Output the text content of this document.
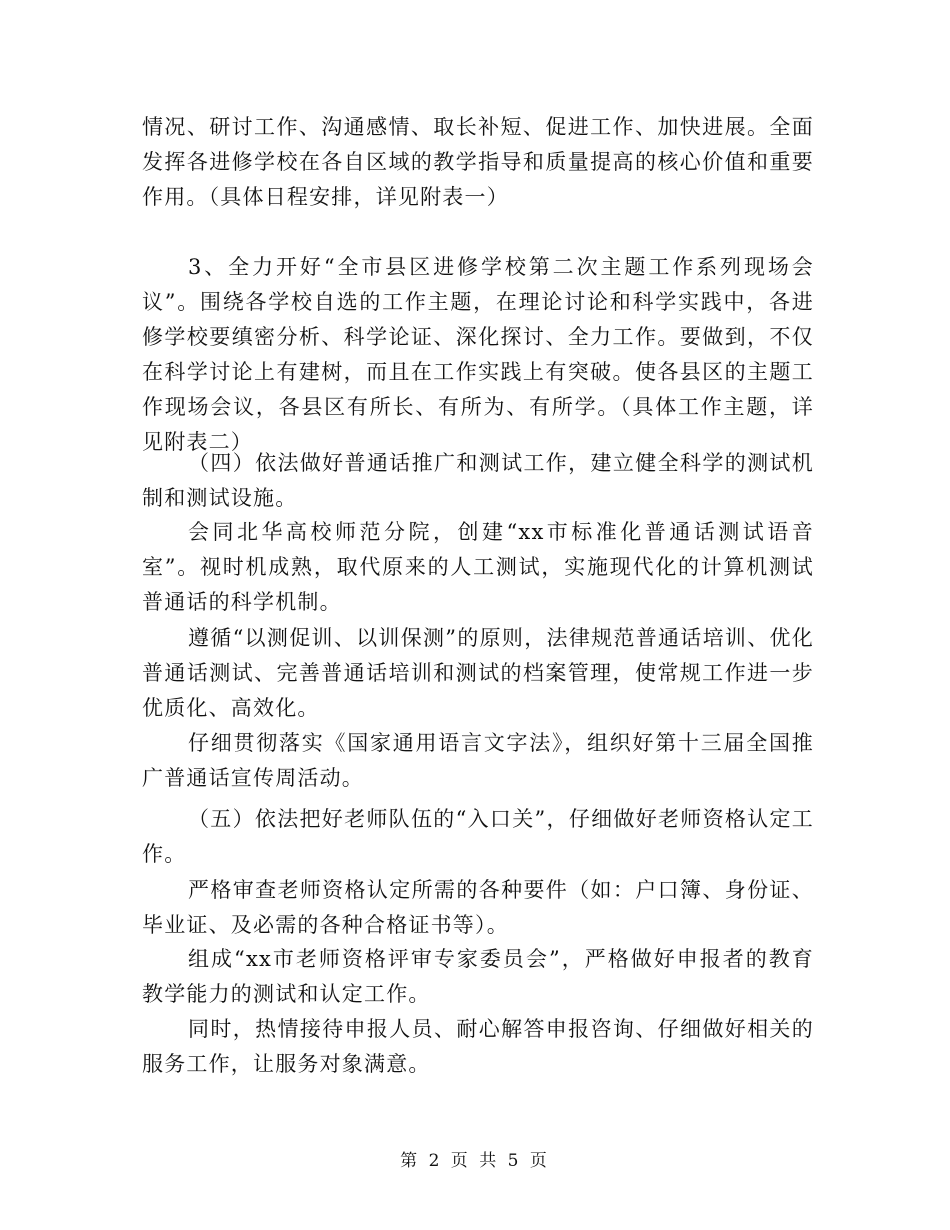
情况、研讨工作、沟通感情、取长补短、促进工作、加快进展。全面发挥各进修学校在各自区域的教学指导和质量提高的核心价值和重要作用。（具体日程安排，详见附表一）

3、全力开好“全市县区进修学校第二次主题工作系列现场会议”。围绕各学校自选的工作主题，在理论讨论和科学实践中，各进修学校要缜密分析、科学论证、深化探讨、全力工作。要做到，不仅在科学讨论上有建树，而且在工作实践上有突破。使各县区的主题工作现场会议，各县区有所长、有所为、有所学。（具体工作主题，详见附表二）

（四）依法做好普通话推广和测试工作，建立健全科学的测试机制和测试设施。

会同北华高校师范分院，创建“xx市标准化普通话测试语音室”。视时机成熟，取代原来的人工测试，实施现代化的计算机测试普通话的科学机制。

遵循“以测促训、以训保测”的原则，法律规范普通话培训、优化普通话测试、完善普通话培训和测试的档案管理，使常规工作进一步优质化、高效化。

仔细贯彻落实《国家通用语言文字法》，组织好第十三届全国推广普通话宣传周活动。

（五）依法把好老师队伍的“入口关”，仔细做好老师资格认定工作。

严格审查老师资格认定所需的各种要件（如：户口簿、身份证、毕业证、及必需的各种合格证书等）。

组成“xx市老师资格评审专家委员会”，严格做好申报者的教育教学能力的测试和认定工作。

同时，热情接待申报人员、耐心解答申报咨询、仔细做好相关的服务工作，让服务对象满意。

第 2 页 共 5 页
